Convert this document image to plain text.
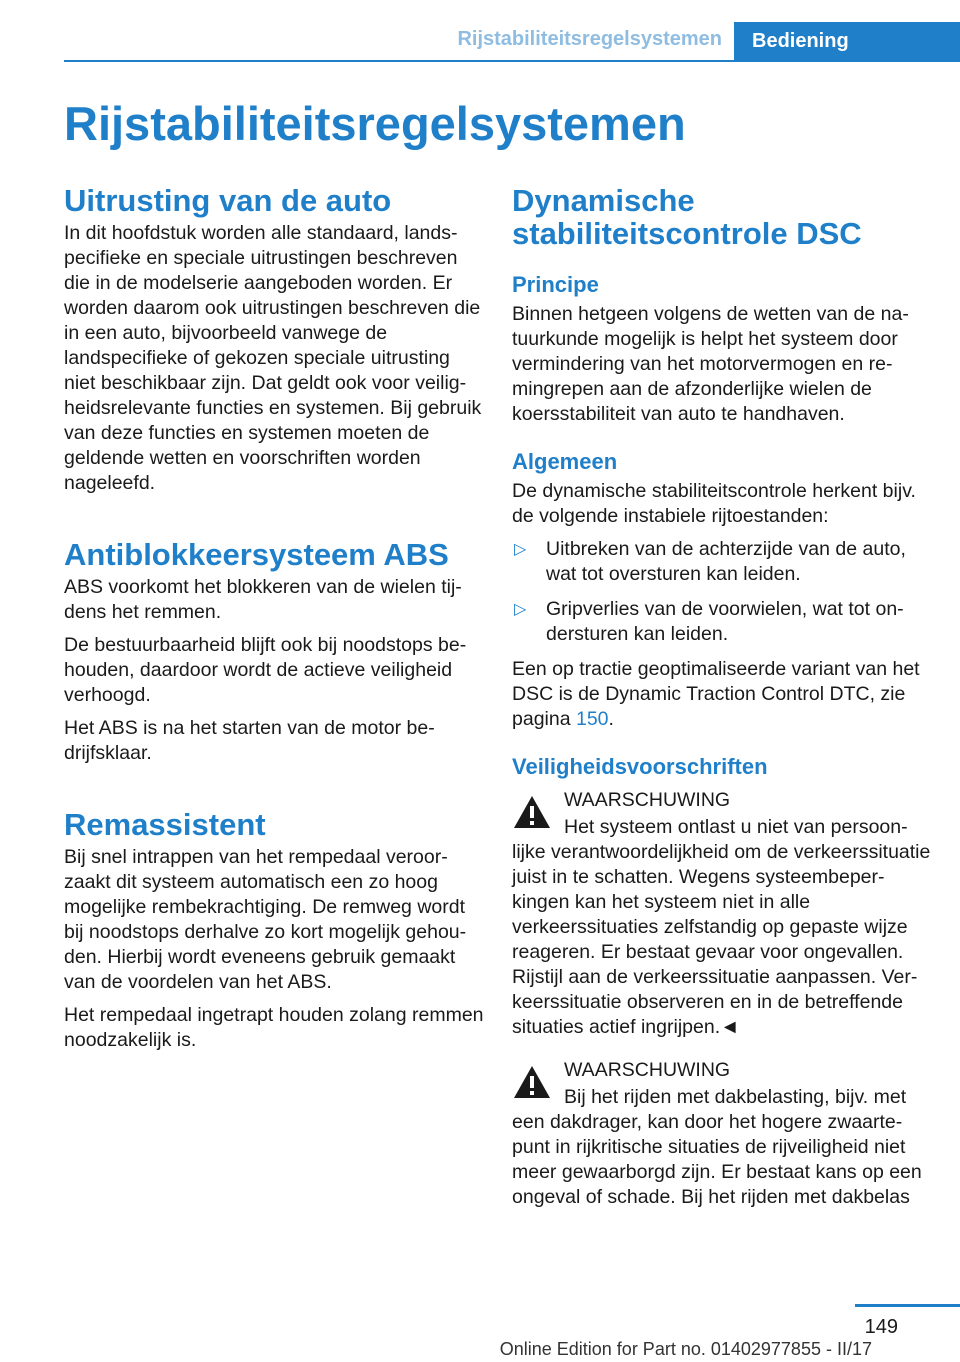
Rijstabiliteitsregelsystemen	Bediening
Rijstabiliteitsregelsystemen
Uitrusting van de auto

In dit hoofdstuk worden alle standaard, landspecifieke en speciale uitrustingen beschreven die in de modelserie aangeboden worden. Er worden daarom ook uitrustingen beschreven die in een auto, bijvoorbeeld vanwege de landspecifieke of gekozen speciale uitrusting niet beschikbaar zijn. Dat geldt ook voor veiligheidsrelevante functies en systemen. Bij gebruik van deze functies en systemen moeten de geldende wetten en voorschriften worden nageleefd.

Antiblokkeersysteem ABS

ABS voorkomt het blokkeren van de wielen tijdens het remmen.

De bestuurbaarheid blijft ook bij noodstops behouden, daardoor wordt de actieve veiligheid verhoogd.

Het ABS is na het starten van de motor bedrijfsklaar.

Remassistent

Bij snel intrappen van het rempedaal veroorzaakt dit systeem automatisch een zo hoog mogelijke rembekrachtiging. De remweg wordt bij noodstops derhalve zo kort mogelijk gehouden. Hierbij wordt eveneens gebruik gemaakt van de voordelen van het ABS.

Het rempedaal ingetrapt houden zolang remmen noodzakelijk is.

Dynamische stabiliteitscontrole DSC
Principe

Binnen hetgeen volgens de wetten van de natuurkunde mogelijk is helpt het systeem door vermindering van het motorvermogen en remingrepen aan de afzonderlijke wielen de koersstabiliteit van auto te handhaven.

Algemeen

De dynamische stabiliteitscontrole herkent bijv. de volgende instabiele rijtoestanden:

▷ Uitbreken van de achterzijde van de auto, wat tot oversturen kan leiden.
▷ Gripverlies van de voorwielen, wat tot ondersturen kan leiden.

Een op tractie geoptimaliseerde variant van het DSC is de Dynamic Traction Control DTC, zie pagina 150.

Veiligheidsvoorschriften
WAARSCHUWING
Het systeem ontlast u niet van persoonlijke verantwoordelijkheid om de verkeerssituatie juist in te schatten. Wegens systeembeperkingen kan het systeem niet in alle verkeerssituaties zelfstandig op gepaste wijze reageren. Er bestaat gevaar voor ongevallen. Rijstijl aan de verkeerssituatie aanpassen. Verkeerssituatie observeren en in de betreffende situaties actief ingrijpen.◄
WAARSCHUWING
Bij het rijden met dakbelasting, bijv. met een dakdrager, kan door het hogere zwaartepunt in rijkritische situaties de rijveiligheid niet meer gewaarborgd zijn. Er bestaat kans op een ongeval of schade. Bij het rijden met dakbelas
149
Online Edition for Part no. 01402977855 - II/17
